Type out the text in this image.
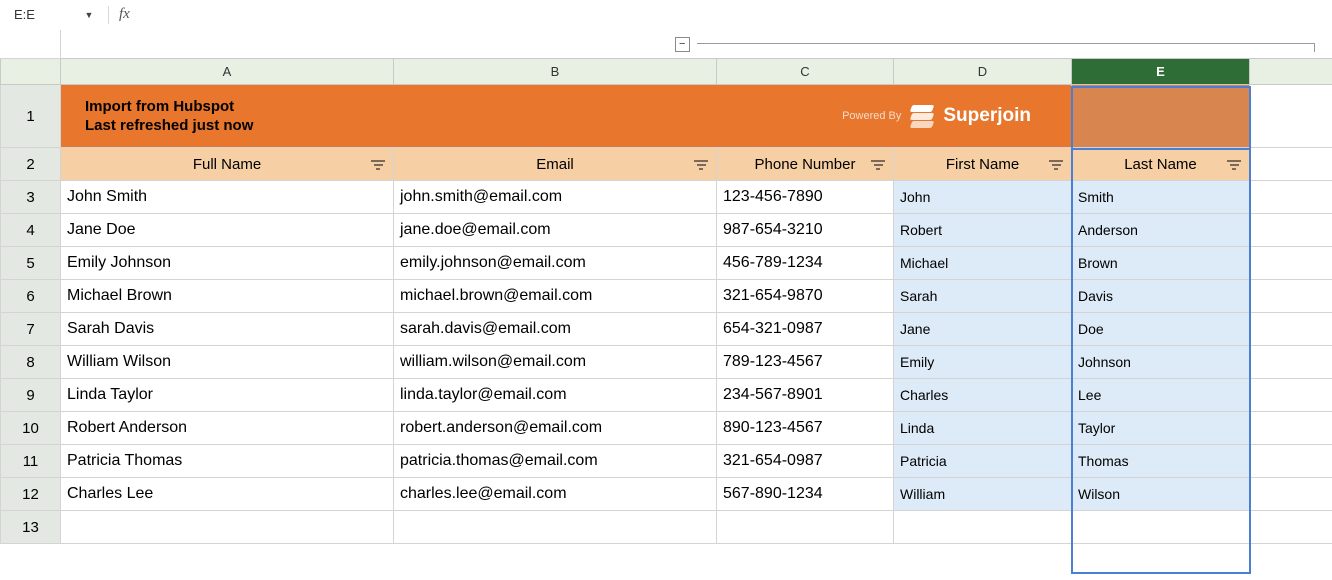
E:E	▼	fx

	−					

	A	B	C	D	E	
1	Import from Hubspot
Last refreshed just now
Powered By Superjoin					

2	Full Name	Email	Phone Number	First Name	Last Name	

3	John Smith	john.smith@email.com	123-456-7890	John	Smith	
4	Jane Doe	jane.doe@email.com	987-654-3210	Robert	Anderson	
5	Emily Johnson	emily.johnson@email.com	456-789-1234	Michael	Brown	
6	Michael Brown	michael.brown@email.com	321-654-9870	Sarah	Davis	
7	Sarah Davis	sarah.davis@email.com	654-321-0987	Jane	Doe	
8	William Wilson	william.wilson@email.com	789-123-4567	Emily	Johnson	
9	Linda Taylor	linda.taylor@email.com	234-567-8901	Charles	Lee	
10	Robert Anderson	robert.anderson@email.com	890-123-4567	Linda	Taylor	
11	Patricia Thomas	patricia.thomas@email.com	321-654-0987	Patricia	Thomas	
12	Charles Lee	charles.lee@email.com	567-890-1234	William	Wilson	
13						
